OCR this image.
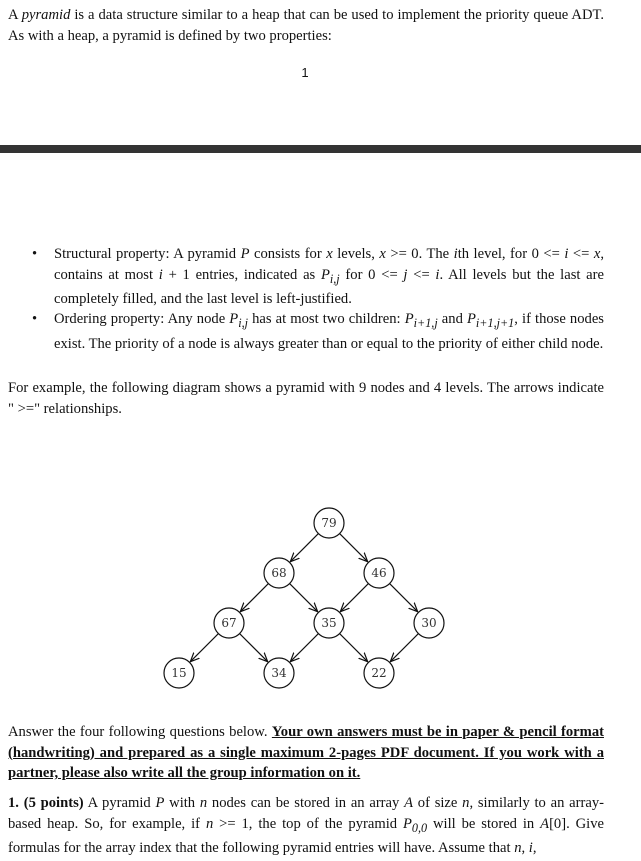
A pyramid is a data structure similar to a heap that can be used to implement the priority queue ADT. As with a heap, a pyramid is defined by two properties:

1
• Structural property: A pyramid P consists for x levels, x >= 0. The ith level, for 0 <= i <= x, contains at most i + 1 entries, indicated as $P_{i,j}$ for 0 <= j <= i. All levels but the last are completely filled, and the last level is left-justified.
• Ordering property: Any node $P_{i,j}$ has at most two children: $P_{i+1,j}$ and $P_{i+1,j+1}$, if those nodes exist. The priority of a node is always greater than or equal to the priority of either child node.

For example, the following diagram shows a pyramid with 9 nodes and 4 levels. The arrows indicate " >=" relationships.

79
68	46
67	35	30
15	34	22

Answer the four following questions below. Your own answers must be in paper & pencil format (handwriting) and prepared as a single maximum 2-pages PDF document. If you work with a partner, please also write all the group information on it.

1. (5 points) A pyramid P with n nodes can be stored in an array A of size n, similarly to an array-based heap. So, for example, if n >= 1, the top of the pyramid $P_{0,0}$ will be stored in A[0]. Give formulas for the array index that the following pyramid entries will have. Assume that n, i,
